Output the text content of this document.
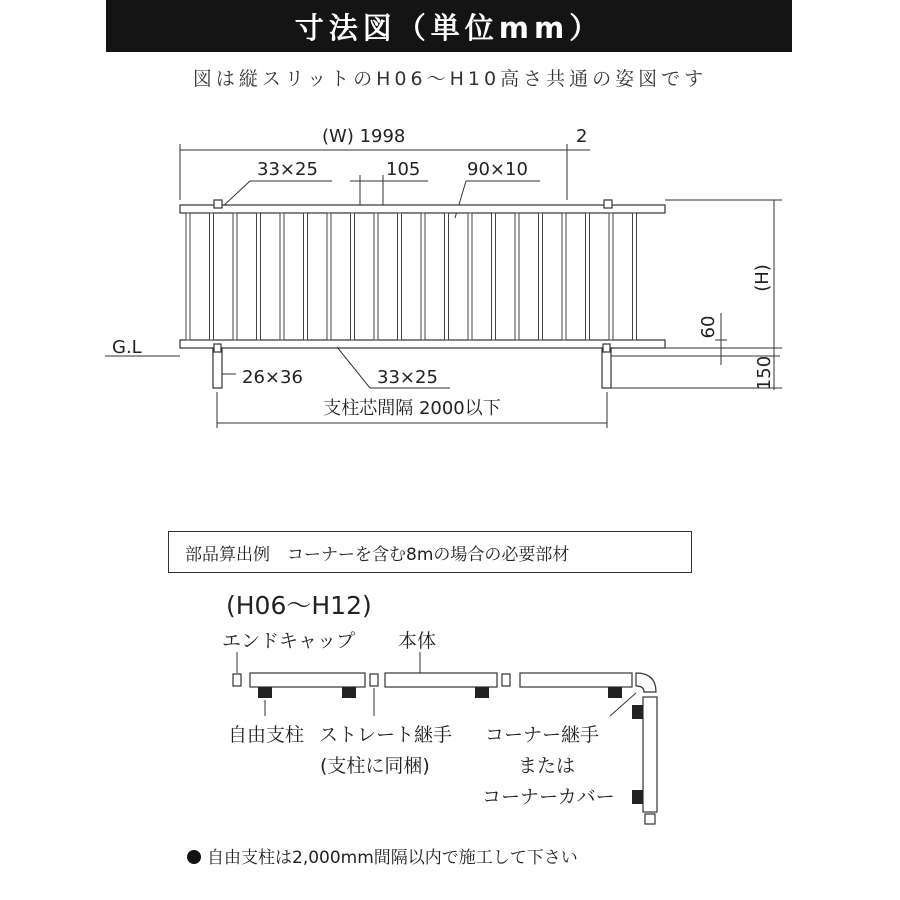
寸法図（単位mm）
図は縦スリットのH06〜H10高さ共通の姿図です
(W) 1998	2
33×25	105	90×10
(H)
60
G.L
26×36	33×25	150
支柱芯間隔 2000以下
(H06〜H12)
エンドキャップ 本体
自由支柱 ストレート継手
(支柱に同梱)
コーナー継手
または
コーナーカバー
部品算出例　コーナーを含む8mの場合の必要部材
自由支柱は2,000mm間隔以内で施工して下さい
